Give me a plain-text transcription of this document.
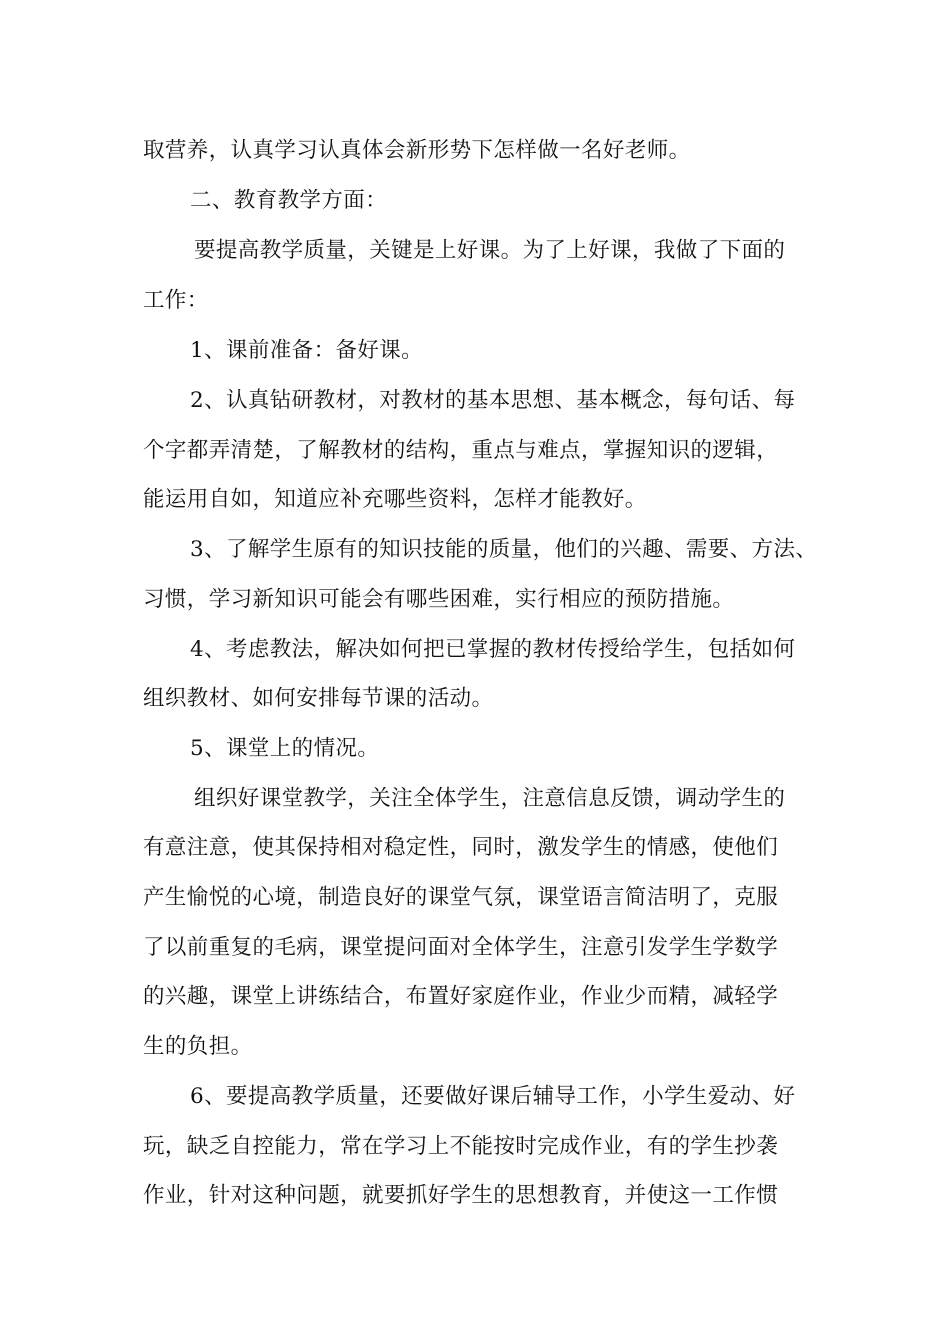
取营养，认真学习认真体会新形势下怎样做一名好老师。
二、教育教学方面：
要提高教学质量，关键是上好课。为了上好课，我做了下面的
工作：
1、课前准备：备好课。
2、认真钻研教材，对教材的基本思想、基本概念，每句话、每
个字都弄清楚，了解教材的结构，重点与难点，掌握知识的逻辑，
能运用自如，知道应补充哪些资料，怎样才能教好。
3、了解学生原有的知识技能的质量，他们的兴趣、需要、方法、
习惯，学习新知识可能会有哪些困难，实行相应的预防措施。
4、考虑教法，解决如何把已掌握的教材传授给学生，包括如何
组织教材、如何安排每节课的活动。
5、课堂上的情况。
组织好课堂教学，关注全体学生，注意信息反馈，调动学生的
有意注意，使其保持相对稳定性，同时，激发学生的情感，使他们
产生愉悦的心境，制造良好的课堂气氛，课堂语言简洁明了，克服
了以前重复的毛病，课堂提问面对全体学生，注意引发学生学数学
的兴趣，课堂上讲练结合，布置好家庭作业，作业少而精，减轻学
生的负担。
6、要提高教学质量，还要做好课后辅导工作，小学生爱动、好
玩，缺乏自控能力，常在学习上不能按时完成作业，有的学生抄袭
作业，针对这种问题，就要抓好学生的思想教育，并使这一工作惯
